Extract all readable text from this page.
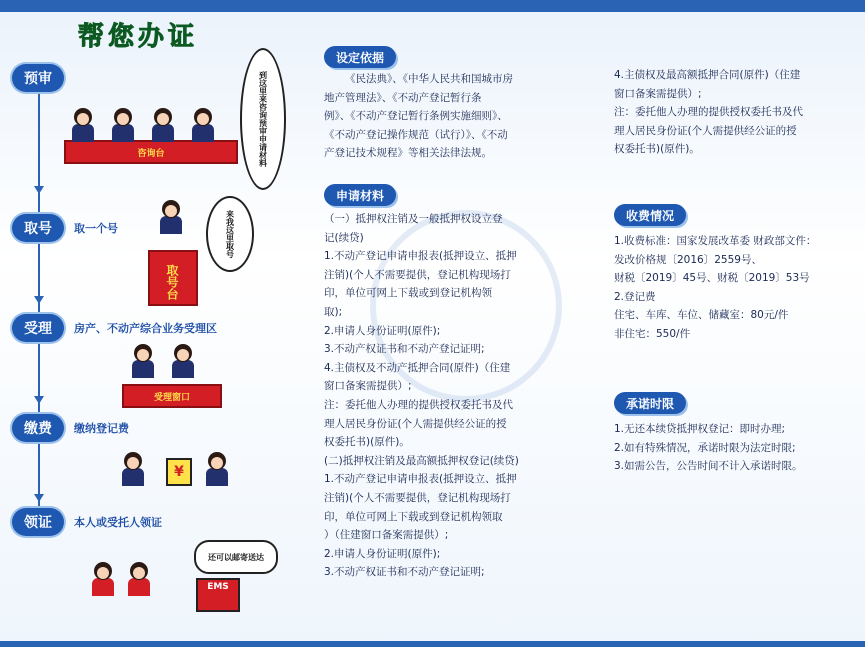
帮您办证
预审
咨询台	到这里来咨询预审申请材料
取号	取一个号
取号台
来我这里取号
受理	房产、不动产综合业务受理区
受理窗口
缴费	缴纳登记费
¥
领证	本人或受托人领证
还可以邮寄送达
EMS
设定依据

《民法典》、《中华人民共和国城市房

地产管理法》、《不动产登记暂行条

例》、《不动产登记暂行条例实施细则》、

《不动产登记操作规范（试行）》、《不动

产登记技术规程》等相关法律法规。

申请材料

（一）抵押权注销及一般抵押权设立登

记(续贷)

1.不动产登记申请申报表(抵押设立、抵押

注销)(个人不需要提供，登记机构现场打

印，单位可网上下载或到登记机构领

取);

2.申请人身份证明(原件);

3.不动产权证书和不动产登记证明;

4.主债权及不动产抵押合同(原件)（住建

窗口备案需提供）;

注：委托他人办理的提供授权委托书及代

理人居民身份证(个人需提供经公证的授

权委托书)(原件)。

(二)抵押权注销及最高额抵押权登记(续贷)

1.不动产登记申请申报表(抵押设立、抵押

注销)(个人不需要提供，登记机构现场打

印，单位可网上下载或到登记机构领取

）（住建窗口备案需提供）;

2.申请人身份证明(原件);

3.不动产权证书和不动产登记证明;

4.主债权及最高额抵押合同(原件)（住建

窗口备案需提供）;

注：委托他人办理的提供授权委托书及代

理人居民身份证(个人需提供经公证的授

权委托书)(原件)。

收费情况

1.收费标准：国家发展改革委 财政部文件：

发改价格规〔2016〕2559号、

财税〔2019〕45号、财税〔2019〕53号

2.登记费

住宅、车库、车位、储藏室：80元/件

非住宅：550/件

承诺时限

1.无还本续贷抵押权登记：即时办理;

2.如有特殊情况，承诺时限为法定时限;

3.如需公告，公告时间不计入承诺时限。
